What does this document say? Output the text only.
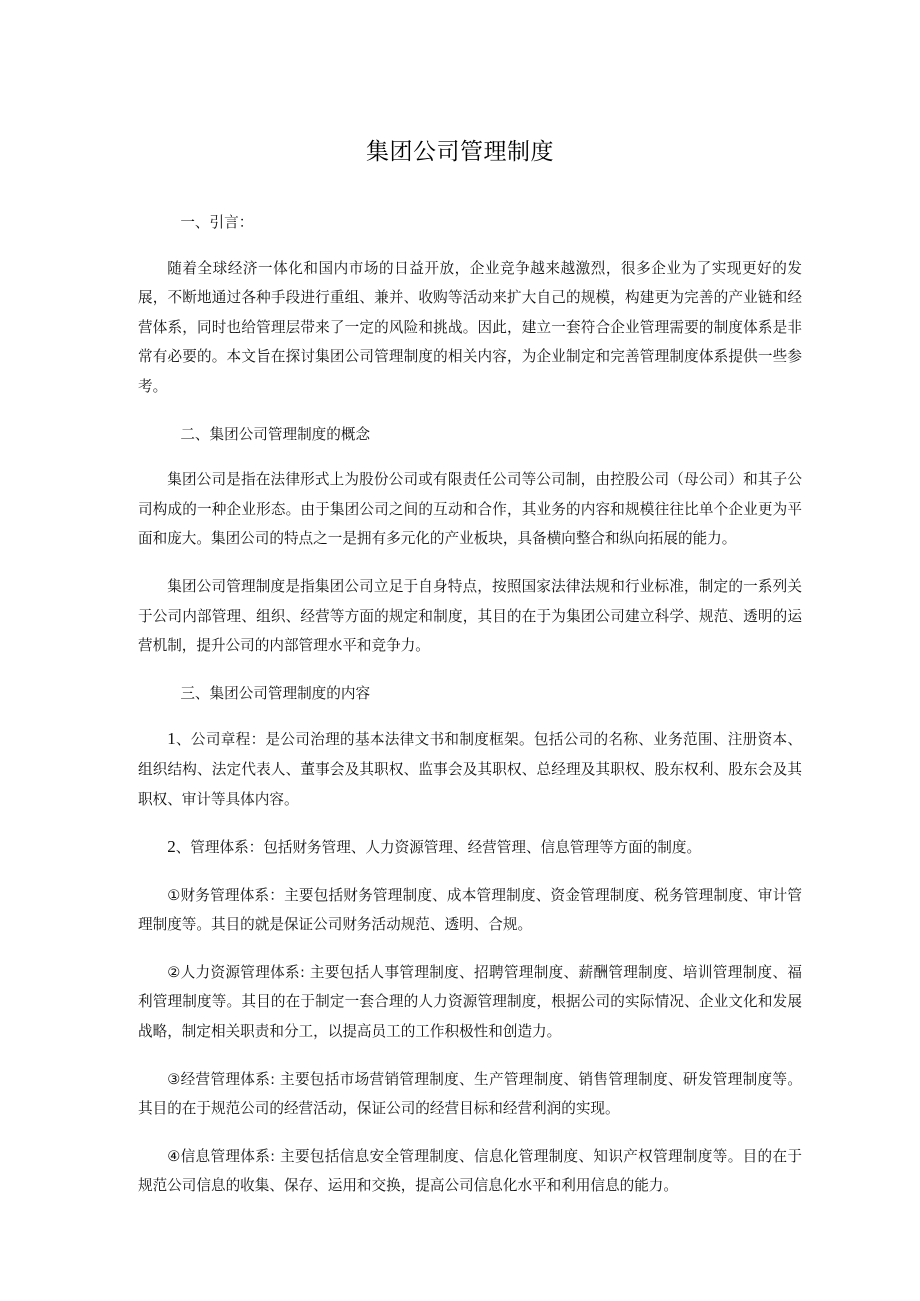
集团公司管理制度

一、引言：

随着全球经济一体化和国内市场的日益开放，企业竞争越来越激烈，很多企业为了实现更好的发展，不断地通过各种手段进行重组、兼并、收购等活动来扩大自己的规模，构建更为完善的产业链和经营体系，同时也给管理层带来了一定的风险和挑战。因此，建立一套符合企业管理需要的制度体系是非常有必要的。本文旨在探讨集团公司管理制度的相关内容，为企业制定和完善管理制度体系提供一些参考。

二、集团公司管理制度的概念

集团公司是指在法律形式上为股份公司或有限责任公司等公司制，由控股公司（母公司）和其子公司构成的一种企业形态。由于集团公司之间的互动和合作，其业务的内容和规模往往比单个企业更为平面和庞大。集团公司的特点之一是拥有多元化的产业板块，具备横向整合和纵向拓展的能力。

集团公司管理制度是指集团公司立足于自身特点，按照国家法律法规和行业标准，制定的一系列关于公司内部管理、组织、经营等方面的规定和制度，其目的在于为集团公司建立科学、规范、透明的运营机制，提升公司的内部管理水平和竞争力。

三、集团公司管理制度的内容

1、公司章程：是公司治理的基本法律文书和制度框架。包括公司的名称、业务范围、注册资本、组织结构、法定代表人、董事会及其职权、监事会及其职权、总经理及其职权、股东权利、股东会及其职权、审计等具体内容。

2、管理体系：包括财务管理、人力资源管理、经营管理、信息管理等方面的制度。

①财务管理体系：主要包括财务管理制度、成本管理制度、资金管理制度、税务管理制度、审计管理制度等。其目的就是保证公司财务活动规范、透明、合规。

②人力资源管理体系: 主要包括人事管理制度、招聘管理制度、薪酬管理制度、培训管理制度、福利管理制度等。其目的在于制定一套合理的人力资源管理制度，根据公司的实际情况、企业文化和发展战略，制定相关职责和分工，以提高员工的工作积极性和创造力。

③经营管理体系: 主要包括市场营销管理制度、生产管理制度、销售管理制度、研发管理制度等。其目的在于规范公司的经营活动，保证公司的经营目标和经营利润的实现。

④信息管理体系: 主要包括信息安全管理制度、信息化管理制度、知识产权管理制度等。目的在于规范公司信息的收集、保存、运用和交换，提高公司信息化水平和利用信息的能力。
